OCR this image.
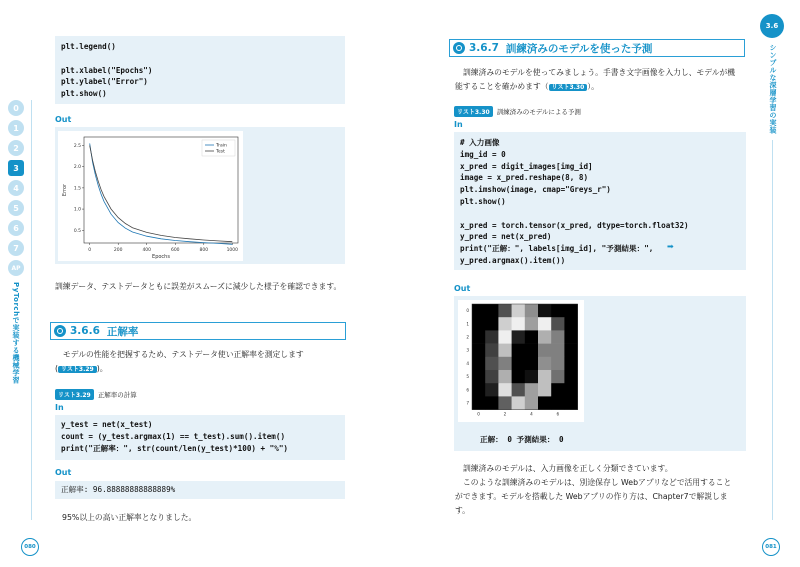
0
1
2
3
4
5
6
7
AP
PyTorchで実装する機械学習
plt.legend()

plt.xlabel("Epochs")
plt.ylabel("Error")
plt.show()
Out
0	200	400	600	800	1000
0.5
1.0
1.5
2.0
2.5
Epochs
Error
Train
Test
訓練データ、テストデータともに誤差がスムーズに減少した様子を確認できます。
3.6.6 正解率
モデルの性能を把握するため、テストデータ使い正解率を測定します
( リスト3.29 )。
リスト3.29	正解率の計算
In
y_test = net(x_test)
count = (y_test.argmax(1) == t_test).sum().item()
print("正解率：", str(count/len(y_test)*100) + "%")
Out
正解率: 96.88888888888889%
95%以上の高い正解率となりました。
080
3.6
シンプルな深層学習の実装
3.6.7 訓練済みのモデルを使った予測
訓練済みのモデルを使ってみましょう。手書き文字画像を入力し、モデルが機
能することを確かめます（ リスト3.30 ）。
リスト3.30	訓練済みのモデルによる予測
In
# 入力画像
img_id = 0
x_pred = digit_images[img_id]
image = x_pred.reshape(8, 8)
plt.imshow(image, cmap="Greys_r")
plt.show()

x_pred = torch.tensor(x_pred, dtype=torch.float32)
y_pred = net(x_pred)
print("正解：", labels[img_id], "予測結果：",
y_pred.argmax().item())
➡
Out
0
1
2
3
4
5
6
7
0	2	4	6
正解： 0 予測結果： 0
訓練済みのモデルは、入力画像を正しく分類できています。
このような訓練済みのモデルは、別途保存し Webアプリなどで活用すること
ができます。モデルを搭載した Webアプリの作り方は、Chapter7で解説しま
す。
081
